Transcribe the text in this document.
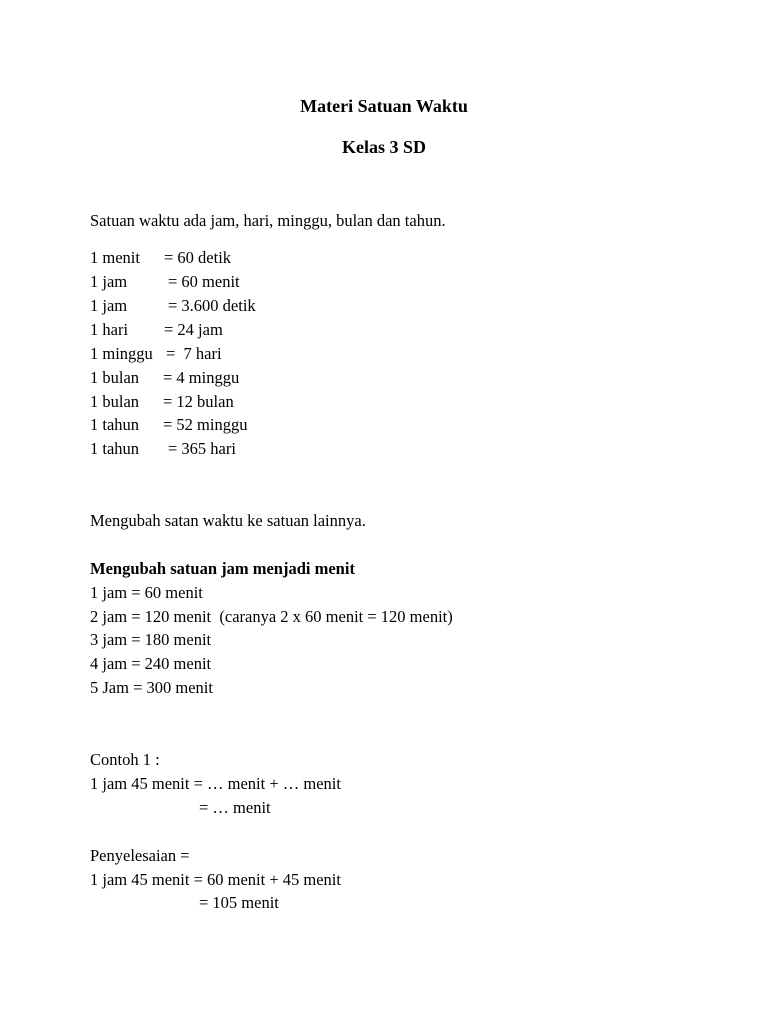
Materi Satuan Waktu
Kelas 3 SD

Satuan waktu ada jam, hari, minggu, bulan dan tahun.

1 menit

= 60 detik

1 jam

= 60 menit

1 jam

= 3.600 detik

1 hari

= 24 jam

1 minggu

=  7 hari

1 bulan

= 4 minggu

1 bulan

= 12 bulan

1 tahun

= 52 minggu

1 tahun

= 365 hari

Mengubah satan waktu ke satuan lainnya.

Mengubah satuan jam menjadi menit

1 jam = 60 menit

2 jam = 120 menit  (caranya 2 x 60 menit = 120 menit)

3 jam = 180 menit

4 jam = 240 menit

5 Jam = 300 menit

Contoh 1 :

1 jam 45 menit = … menit + … menit

= … menit

Penyelesaian =

1 jam 45 menit = 60 menit + 45 menit

= 105 menit
